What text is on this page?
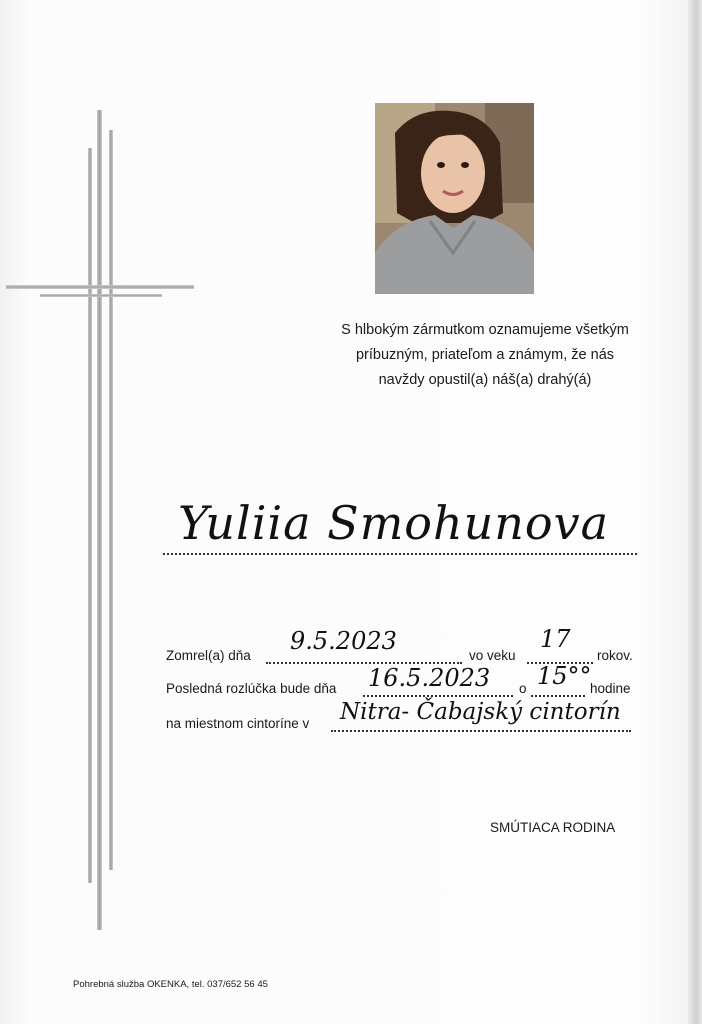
S hlbokým zármutkom oznamujeme všetkým
príbuzným, priateľom a známym, že nás
navždy opustil(a) náš(a) drahý(á)
Yuliia Smohunova
Zomrel(a) dňa
9.5.2023
vo veku
17
rokov.
Posledná rozlúčka bude dňa 16.5.2023 o 15°°
hodine
na miestnom cintoríne v Nitra- Čabajský cintorín
SMÚTIACA RODINA
Pohrebná služba OKENKA, tel. 037/652 56 45
